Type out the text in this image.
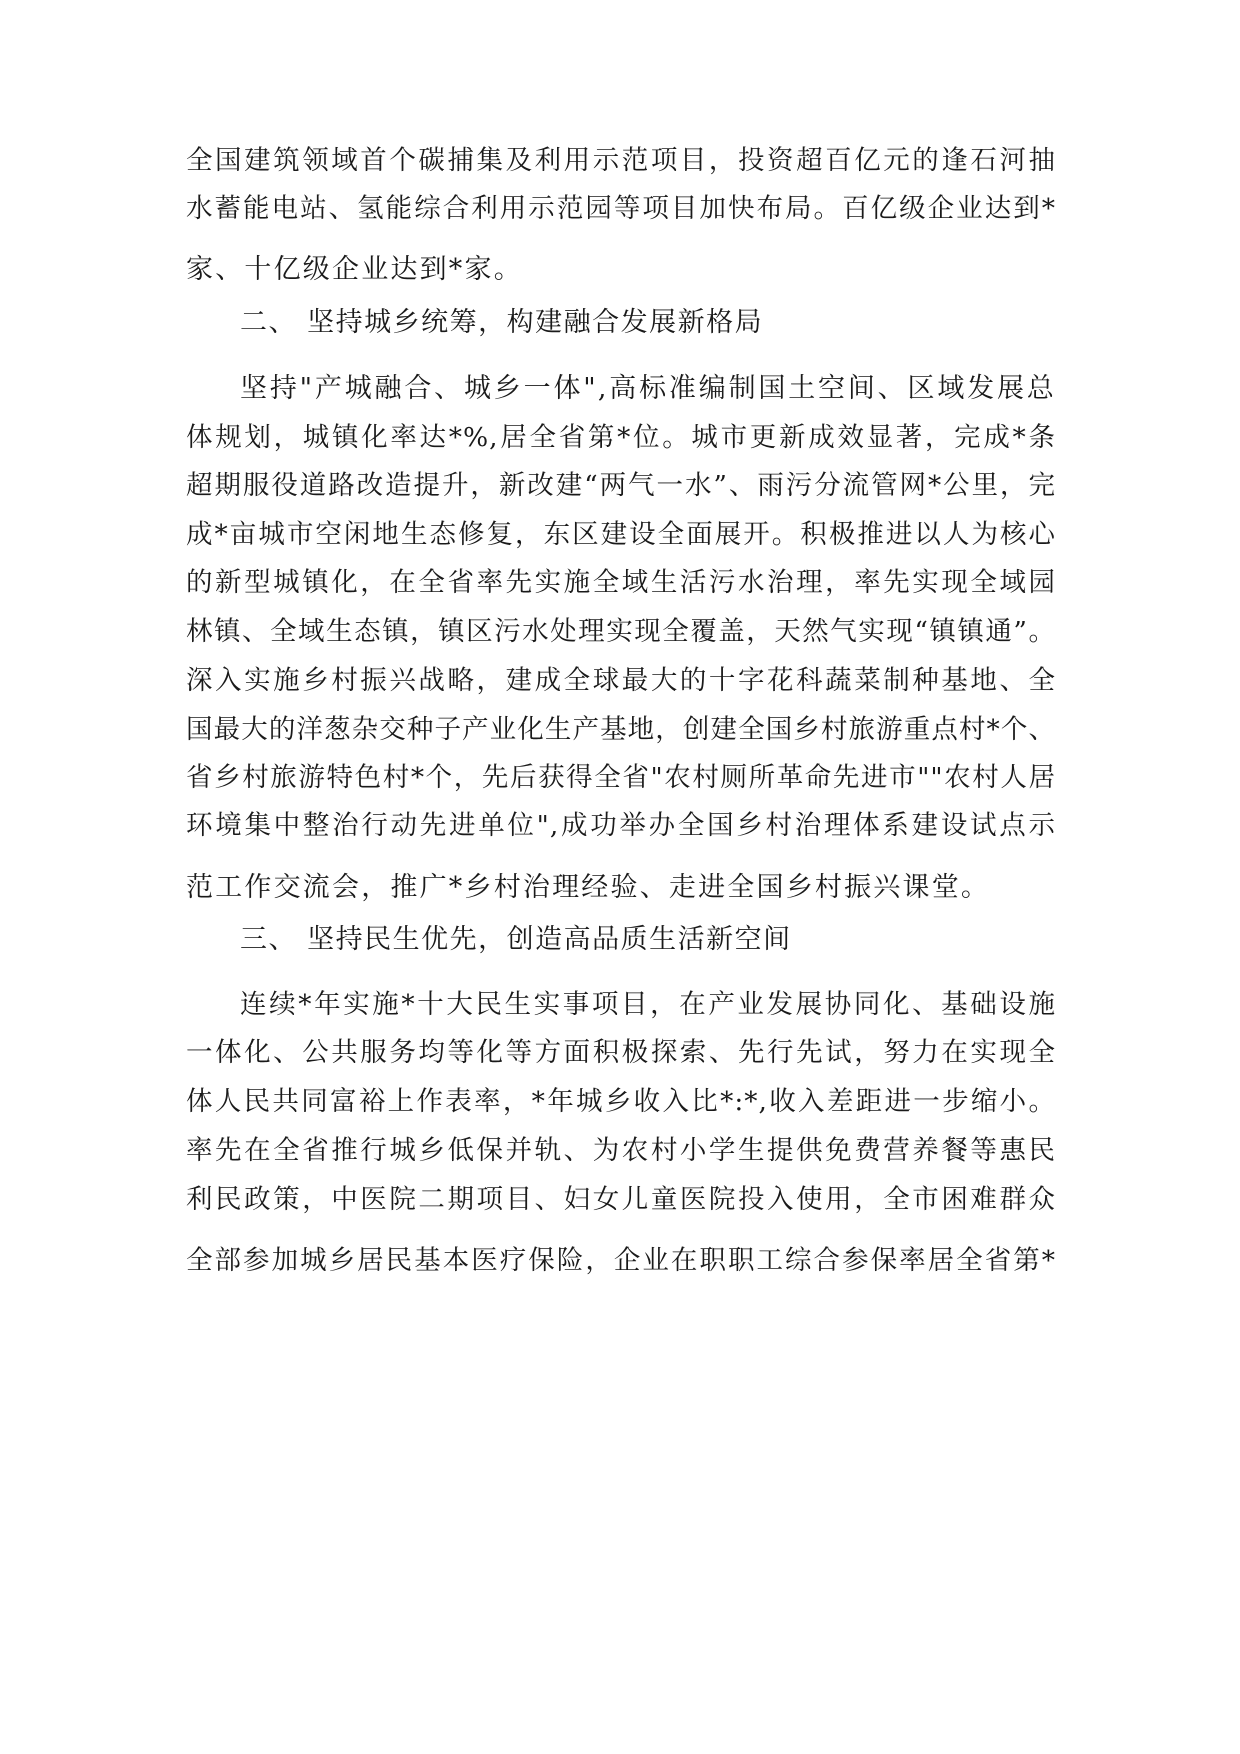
全国建筑领域首个碳捕集及利用示范项目，投资超百亿元的逢石河抽
水蓄能电站、氢能综合利用示范园等项目加快布局。百亿级企业达到*
家、十亿级企业达到*家。
二、 坚持城乡统筹，构建融合发展新格局
坚持"产城融合、城乡一体",高标准编制国土空间、区域发展总
体规划，城镇化率达*%,居全省第*位。城市更新成效显著，完成*条
超期服役道路改造提升，新改建“两气一水”、雨污分流管网*公里，完
成*亩城市空闲地生态修复，东区建设全面展开。积极推进以人为核心
的新型城镇化，在全省率先实施全域生活污水治理，率先实现全域园
林镇、全域生态镇，镇区污水处理实现全覆盖，天然气实现“镇镇通”。
深入实施乡村振兴战略，建成全球最大的十字花科蔬菜制种基地、全
国最大的洋葱杂交种子产业化生产基地，创建全国乡村旅游重点村*个、
省乡村旅游特色村*个，先后获得全省"农村厕所革命先进市""农村人居
环境集中整治行动先进单位",成功举办全国乡村治理体系建设试点示
范工作交流会，推广*乡村治理经验、走进全国乡村振兴课堂。
三、 坚持民生优先，创造高品质生活新空间
连续*年实施*十大民生实事项目，在产业发展协同化、基础设施
一体化、公共服务均等化等方面积极探索、先行先试，努力在实现全
体人民共同富裕上作表率，*年城乡收入比*:*,收入差距进一步缩小。
率先在全省推行城乡低保并轨、为农村小学生提供免费营养餐等惠民
利民政策，中医院二期项目、妇女儿童医院投入使用，全市困难群众
全部参加城乡居民基本医疗保险，企业在职职工综合参保率居全省第*
